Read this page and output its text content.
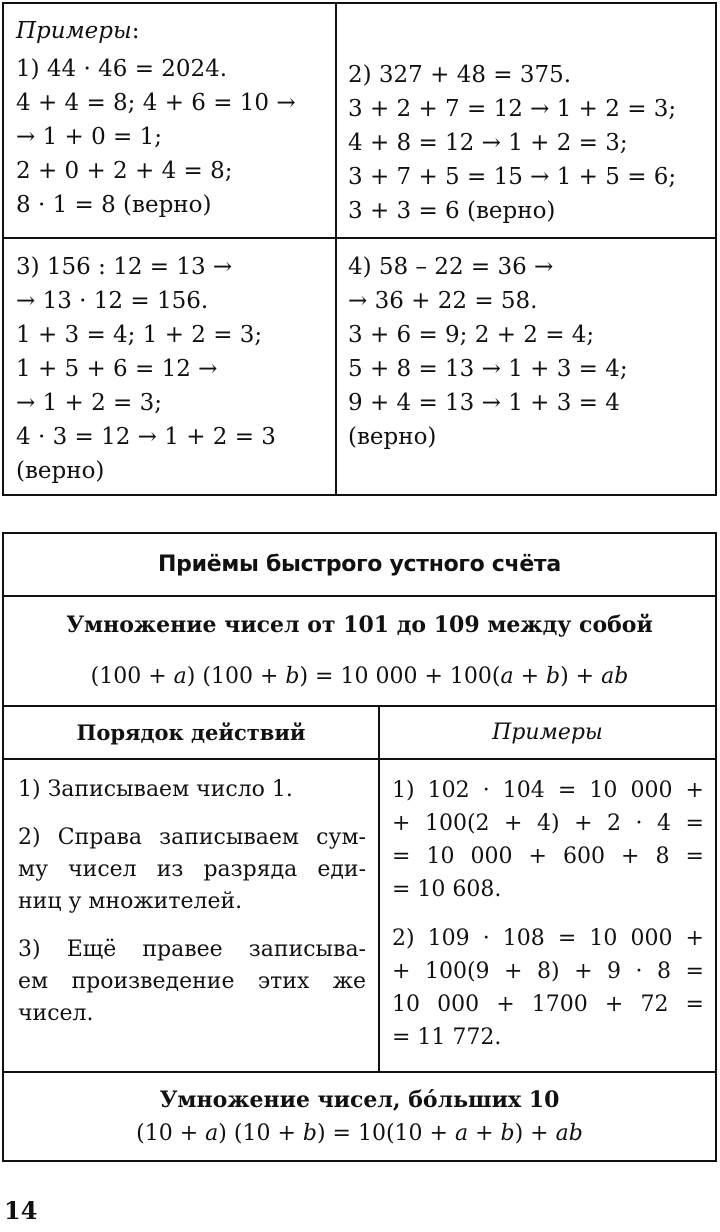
Примеры:

1) 44 · 46 = 2024.

4 + 4 = 8; 4 + 6 = 10 →

→ 1 + 0 = 1;

2 + 0 + 2 + 4 = 8;

8 · 1 = 8 (верно)

2) 327 + 48 = 375.

3 + 2 + 7 = 12 → 1 + 2 = 3;

4 + 8 = 12 → 1 + 2 = 3;

3 + 7 + 5 = 15 → 1 + 5 = 6;

3 + 3 = 6 (верно)

3) 156 : 12 = 13 →

→ 13 · 12 = 156.

1 + 3 = 4; 1 + 2 = 3;

1 + 5 + 6 = 12 →

→ 1 + 2 = 3;

4 · 3 = 12 → 1 + 2 = 3

(верно)

4) 58 – 22 = 36 →

→ 36 + 22 = 58.

3 + 6 = 9; 2 + 2 = 4;

5 + 8 = 13 → 1 + 3 = 4;

9 + 4 = 13 → 1 + 3 = 4

(верно)

Приёмы быстрого устного счёта
Умножение чисел от 101 до 109 между собой
(100 + a) (100 + b) = 10 000 + 100(a + b) + ab
Порядок действий	Примеры

1) Записываем число 1.

2) Справа записываем сум-

му чисел из разряда еди-

ниц у множителей.

3) Ещё правее записыва-

ем произведение этих же

чисел.

1) 102 · 104 = 10 000 +

+ 100(2 + 4) + 2 · 4 =

= 10 000 + 600 + 8 =

= 10 608.

2) 109 · 108 = 10 000 +

+ 100(9 + 8) + 9 · 8 =

10 000 + 1700 + 72 =

= 11 772.

Умножение чисел, бóльших 10
(10 + a) (10 + b) = 10(10 + a + b) + ab
14
